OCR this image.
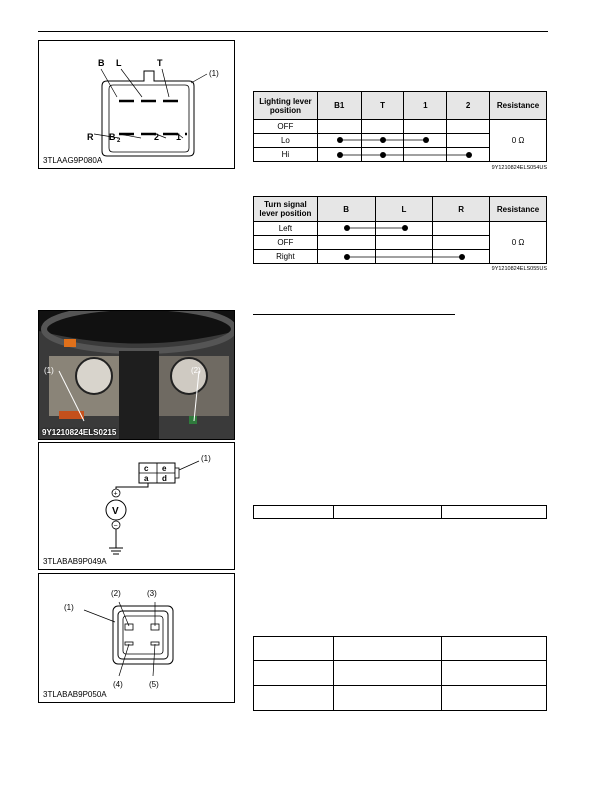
B L	T
R B 2	2 1
(1)
3TLAAG9P080A
Lighting lever position	B1	T	1	2	Resistance
OFF					0 Ω
Lo					
Hi					
9Y1210824ELS054US
Turn signal lever position	B	L	R	Resistance
Left				0 Ω
OFF				
Right				
9Y1210824ELS055US
(1)	(2)
9Y1210824ELS0215
c e
a d
(1)
+
V
−
3TLABAB9P049A
(2)	(3)
(1)
(4)	(5)
3TLABAB9P050A
